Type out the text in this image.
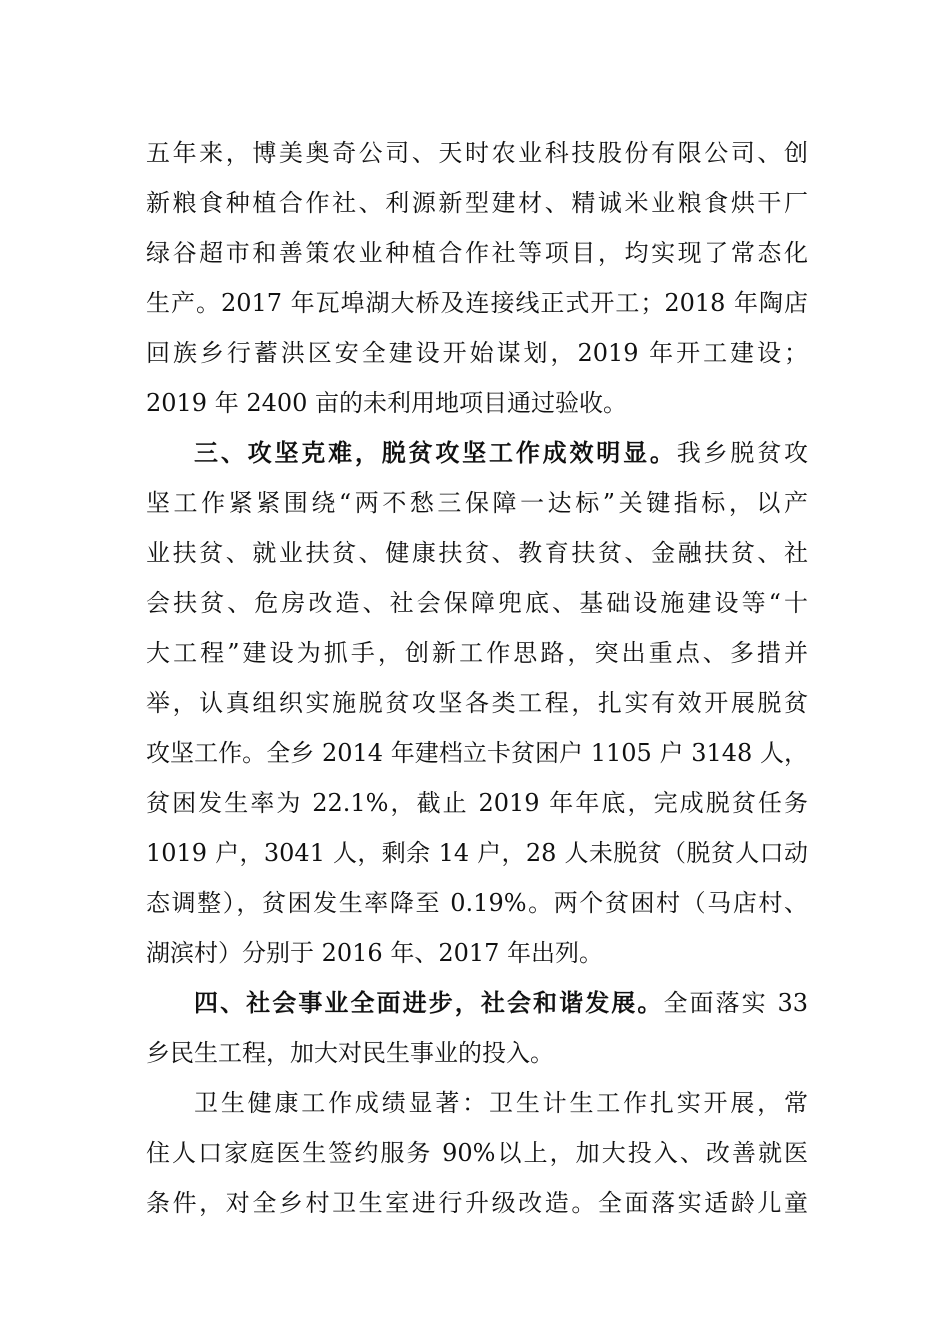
五年来，博美奥奇公司、天时农业科技股份有限公司、创
新粮食种植合作社、利源新型建材、精诚米业粮食烘干厂
绿谷超市和善策农业种植合作社等项目，均实现了常态化
生产。2017 年瓦埠湖大桥及连接线正式开工；2018 年陶店
回族乡行蓄洪区安全建设开始谋划，2019 年开工建设；
2019 年 2400 亩的未利用地项目通过验收。
三、攻坚克难，脱贫攻坚工作成效明显。我乡脱贫攻
坚工作紧紧围绕“两不愁三保障一达标”关键指标，以产
业扶贫、就业扶贫、健康扶贫、教育扶贫、金融扶贫、社
会扶贫、危房改造、社会保障兜底、基础设施建设等“十
大工程”建设为抓手，创新工作思路，突出重点、多措并
举，认真组织实施脱贫攻坚各类工程，扎实有效开展脱贫
攻坚工作。全乡 2014 年建档立卡贫困户 1105 户 3148 人，
贫困发生率为 22.1%，截止 2019 年年底，完成脱贫任务
1019 户，3041 人，剩余 14 户，28 人未脱贫（脱贫人口动
态调整），贫困发生率降至 0.19%。两个贫困村（马店村、
湖滨村）分别于 2016 年、2017 年出列。
四、社会事业全面进步，社会和谐发展。全面落实 33
乡民生工程，加大对民生事业的投入。
卫生健康工作成绩显著：卫生计生工作扎实开展，常
住人口家庭医生签约服务 90%以上，加大投入、改善就医
条件，对全乡村卫生室进行升级改造。全面落实适龄儿童
